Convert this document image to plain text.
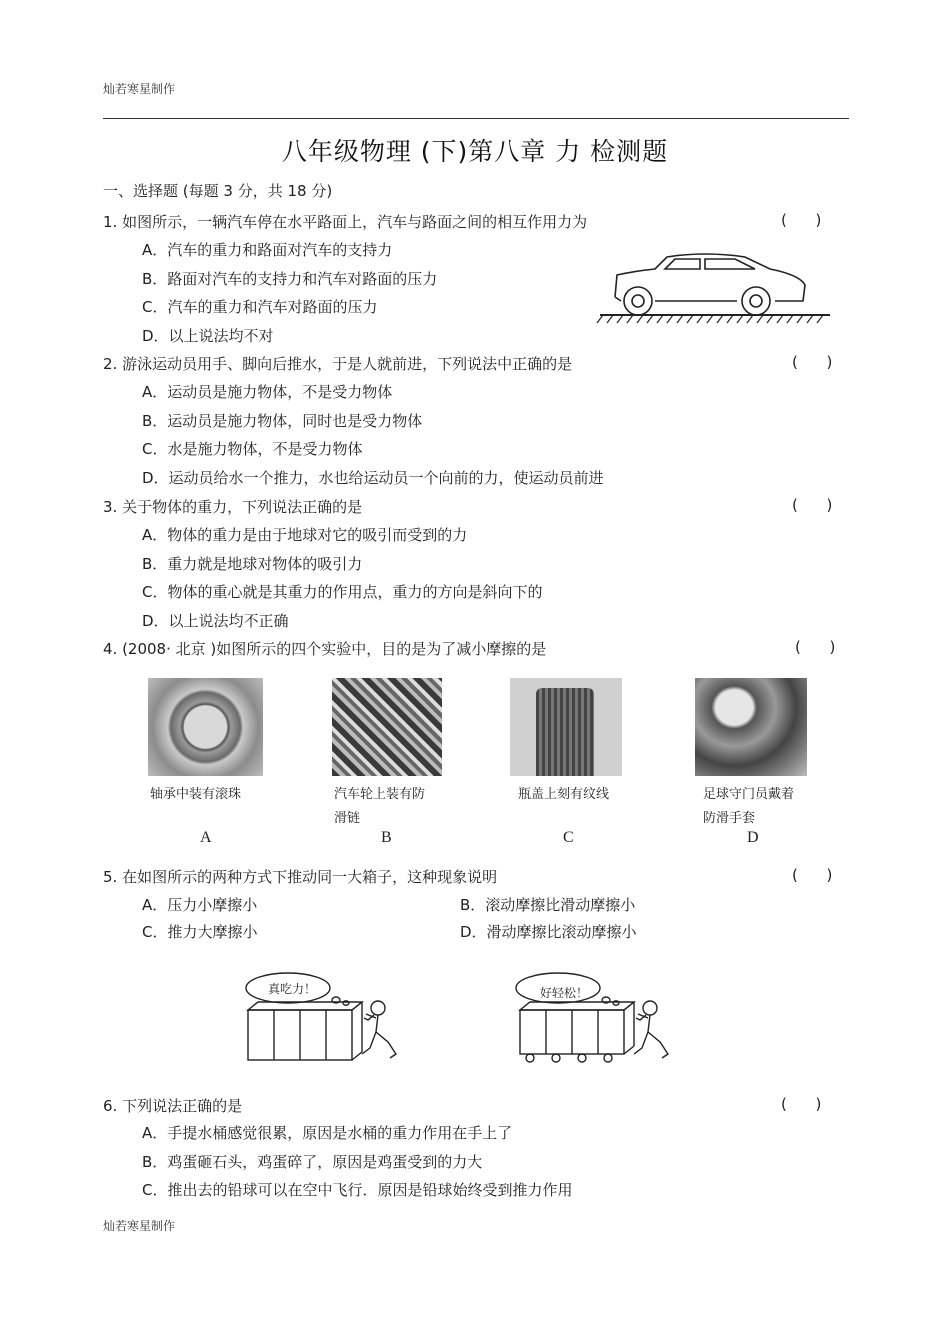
灿若寒星制作
八年级物理 (下)第八章 力 检测题
一、选择题 (每题 3 分，共 18 分)
1. 如图所示，一辆汽车停在水平路面上，汽车与路面之间的相互作用力为	(      )
A．汽车的重力和路面对汽车的支持力
B．路面对汽车的支持力和汽车对路面的压力
C．汽车的重力和汽车对路面的压力
D．以上说法均不对
2. 游泳运动员用手、脚向后推水，于是人就前进，下列说法中正确的是	(      )
A．运动员是施力物体，不是受力物体
B．运动员是施力物体，同时也是受力物体
C．水是施力物体，不是受力物体
D．运动员给水一个推力，水也给运动员一个向前的力，使运动员前进
3. 关于物体的重力，下列说法正确的是	(      )
A．物体的重力是由于地球对它的吸引而受到的力
B．重力就是地球对物体的吸引力
C．物体的重心就是其重力的作用点，重力的方向是斜向下的
D．以上说法均不正确
4. (2008· 北京 )如图所示的四个实验中，目的是为了减小摩擦的是	(      )
轴承中装有滚珠
A
汽车轮上装有防
滑链
B
瓶盖上刻有纹线
C
足球守门员戴着
防滑手套
D
5. 在如图所示的两种方式下推动同一大箱子，这种现象说明	(      )
A．压力小摩擦小	B．滚动摩擦比滑动摩擦小
C．推力大摩擦小	D．滑动摩擦比滚动摩擦小
真吃力！	好轻松！
6. 下列说法正确的是	(      )
A．手提水桶感觉很累，原因是水桶的重力作用在手上了
B．鸡蛋砸石头，鸡蛋碎了，原因是鸡蛋受到的力大
C．推出去的铅球可以在空中飞行．原因是铅球始终受到推力作用
灿若寒星制作
